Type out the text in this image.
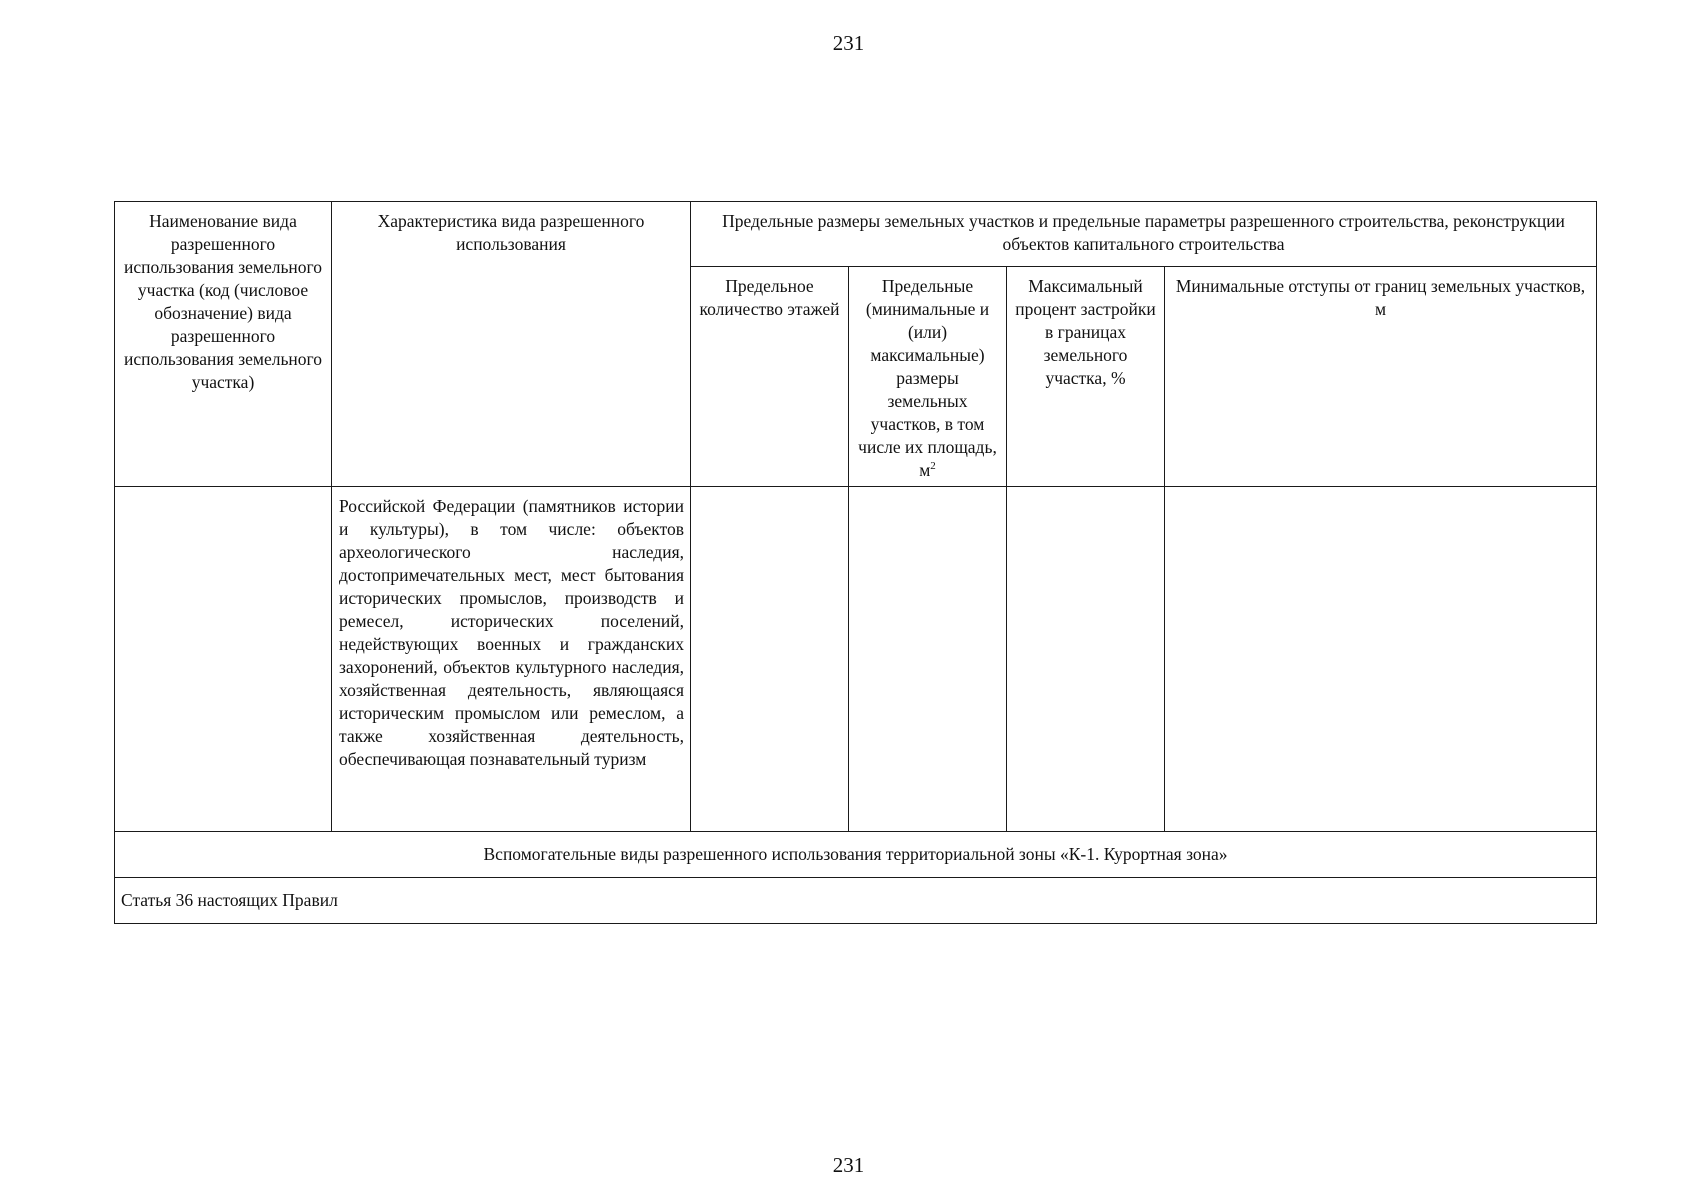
231
Наименование вида разрешенного использования земельного участка (код (числовое обозначение) вида разрешенного использования земельного участка)	Характеристика вида разрешенного использования	Предельные размеры земельных участков и предельные параметры разрешенного строительства, реконструкции объектов капитального строительства			
		Предельное количество этажей	Предельные (минимальные и (или) максимальные) размеры земельных участков, в том числе их площадь, $м^2$	Максимальный процент застройки в границах земельного участка, %	Минимальные отступы от границ земельных участков, м
	Российской Федерации (памятников истории и культуры), в том числе: объектов археологического наследия, достопримечательных мест, мест бытования исторических промыслов, производств и ремесел, исторических поселений, недействующих военных и гражданских захоронений, объектов культурного наследия, хозяйственная деятельность, являющаяся историческим промыслом или ремеслом, а также хозяйственная деятельность, обеспечивающая познавательный туризм				
Вспомогательные виды разрешенного использования территориальной зоны «К-1. Курортная зона»					
Статья 36 настоящих Правил					
231
